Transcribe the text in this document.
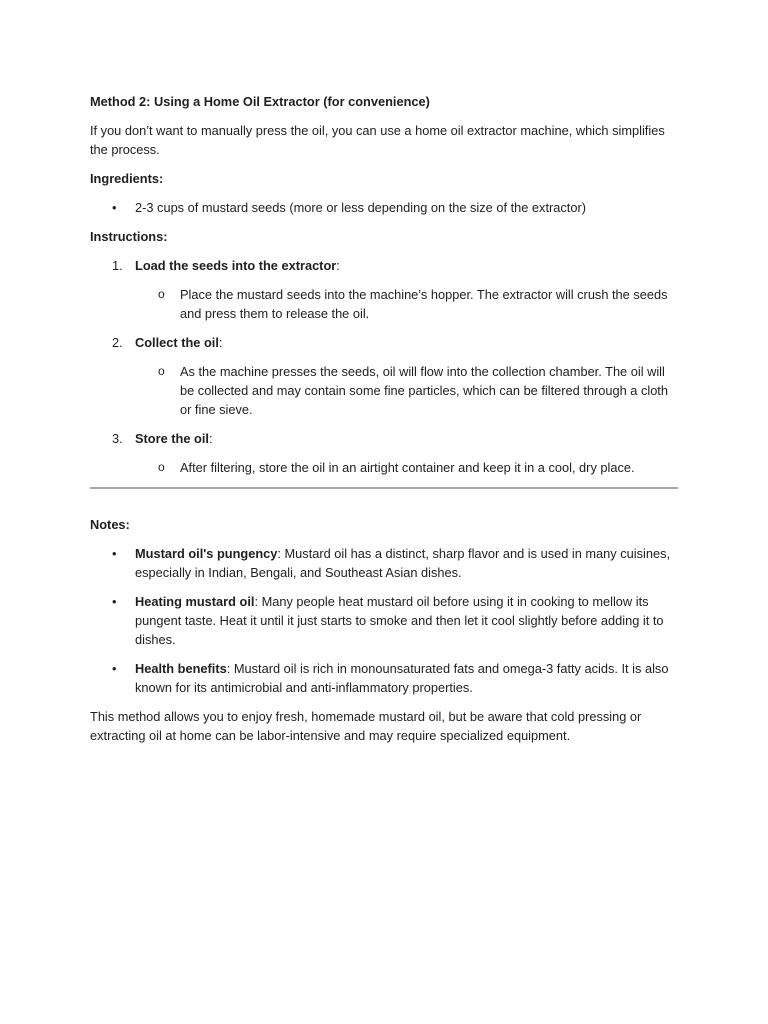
Method 2: Using a Home Oil Extractor (for convenience)

If you don’t want to manually press the oil, you can use a home oil extractor machine, which simplifies the process.

Ingredients:

• 2-3 cups of mustard seeds (more or less depending on the size of the extractor)

Instructions:

1. Load the seeds into the extractor:
o Place the mustard seeds into the machine’s hopper. The extractor will crush the seeds and press them to release the oil.
2. Collect the oil:
o As the machine presses the seeds, oil will flow into the collection chamber. The oil will be collected and may contain some fine particles, which can be filtered through a cloth or fine sieve.
3. Store the oil:
o After filtering, store the oil in an airtight container and keep it in a cool, dry place.

Notes:

• Mustard oil's pungency: Mustard oil has a distinct, sharp flavor and is used in many cuisines, especially in Indian, Bengali, and Southeast Asian dishes.
• Heating mustard oil: Many people heat mustard oil before using it in cooking to mellow its pungent taste. Heat it until it just starts to smoke and then let it cool slightly before adding it to dishes.
• Health benefits: Mustard oil is rich in monounsaturated fats and omega-3 fatty acids. It is also known for its antimicrobial and anti-inflammatory properties.

This method allows you to enjoy fresh, homemade mustard oil, but be aware that cold pressing or extracting oil at home can be labor-intensive and may require specialized equipment.
